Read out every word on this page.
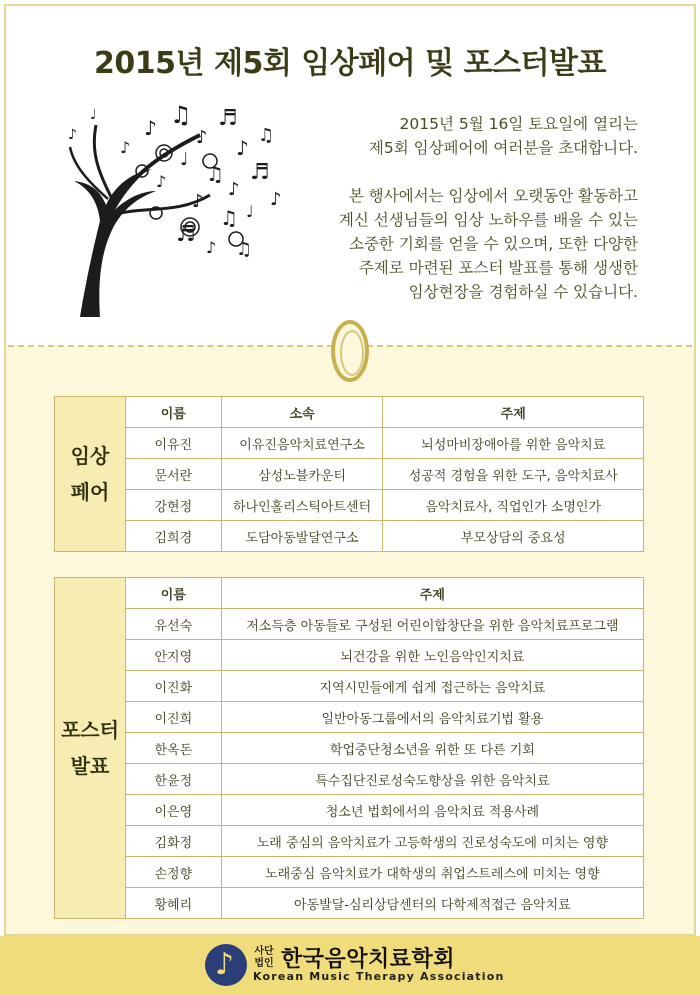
2015년 제5회 임상페어 및 포스터발표
♪ ♫
♪
♬
♪
♫
♩
♫
♪
♬
♪
♪
♫ ♩
♪
♬
♪ ♫
♪
♩
♪

2015년 5월 16일 토요일에 열리는
제5회 임상페어에 여러분을 초대합니다.

본 행사에서는 임상에서 오랫동안 활동하고
계신 선생님들의 임상 노하우를 배울 수 있는
소중한 기회를 얻을 수 있으며, 또한 다양한
주제로 마련된 포스터 발표를 통해 생생한
임상현장을 경험하실 수 있습니다.

임상
페어	이름	소속	주제
	이유진	이유진음악치료연구소	뇌성마비장애아를 위한 음악치료
	문서란	삼성노블카운티	성공적 경험을 위한 도구, 음악치료사
	강현정	하나인홀리스틱아트센터	음악치료사, 직업인가 소명인가
	김희경	도담아동발달연구소	부모상담의 중요성
포스터
발표	이름	주제
	유선숙	저소득층 아동들로 구성된 어린이합창단을 위한 음악치료프로그램
	안지영	뇌건강을 위한 노인음악인지치료
	이진화	지역시민들에게 쉽게 접근하는 음악치료
	이진희	일반아동그룹에서의 음악치료기법 활용
	한옥돈	학업중단청소년을 위한 또 다른 기회
	한윤정	특수집단진로성숙도향상을 위한 음악치료
	이은영	청소년 법회에서의 음악치료 적용사례
	김화정	노래 중심의 음악치료가 고등학생의 진로성숙도에 미치는 영향
	손정향	노래중심 음악치료가 대학생의 취업스트레스에 미치는 영향
	황혜리	아동발달-심리상담센터의 다학제적접근 음악치료
♪
사단
법인 한국음악치료학회
Korean Music Therapy Association
